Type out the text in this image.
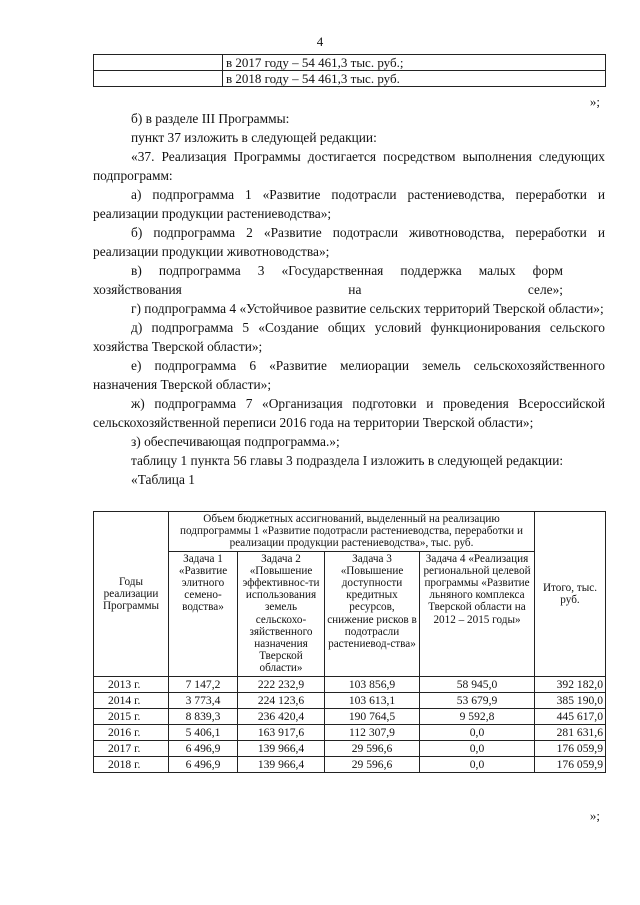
4
	в 2017 году – 54 461,3 тыс. руб.;
	в 2018 году – 54 461,3 тыс. руб.
»;

б) в разделе III Программы:

пункт 37 изложить в следующей редакции:

«37. Реализация Программы достигается посредством выполнения следующих подпрограмм:

а) подпрограмма 1 «Развитие подотрасли растениеводства, переработки и реализации продукции растениеводства»;

б) подпрограмма 2 «Развитие подотрасли животноводства, переработки и реализации продукции животноводства»;

в) подпрограмма 3 «Государственная поддержка малых форм хозяйствования на селе»;

г) подпрограмма 4 «Устойчивое развитие сельских территорий Тверской области»;

д) подпрограмма 5 «Создание общих условий функционирования сельского хозяйства Тверской области»;

е) подпрограмма 6 «Развитие мелиорации земель сельскохозяйственного назначения Тверской области»;

ж) подпрограмма 7 «Организация подготовки и проведения Всероссийской сельскохозяйственной переписи 2016 года на территории Тверской области»;

з) обеспечивающая подпрограмма.»;

таблицу 1 пункта 56 главы 3 подраздела I изложить в следующей редакции:

«Таблица 1

Годы реализации Программы	Объем бюджетных ассигнований, выделенный на реализацию подпрограммы 1 «Развитие подотрасли растениеводства, переработки и реализации продукции растениеводства», тыс. руб.				Итого, тыс. руб.
	Задача 1 «Развитие элитного семено-водства»	Задача 2 «Повышение эффективнос-ти использования земель сельскохо-зяйственного назначения Тверской области»	Задача 3 «Повышение доступности кредитных ресурсов, снижение рисков в подотрасли растениевод-ства»	Задача 4 «Реализация региональной целевой программы «Развитие льняного комплекса Тверской области на 2012 – 2015 годы»	
2013 г.	7 147,2	222 232,9	103 856,9	58 945,0	392 182,0
2014 г.	3 773,4	224 123,6	103 613,1	53 679,9	385 190,0
2015 г.	8 839,3	236 420,4	190 764,5	9 592,8	445 617,0
2016 г.	5 406,1	163 917,6	112 307,9	0,0	281 631,6
2017 г.	6 496,9	139 966,4	29 596,6	0,0	176 059,9
2018 г.	6 496,9	139 966,4	29 596,6	0,0	176 059,9
»;
